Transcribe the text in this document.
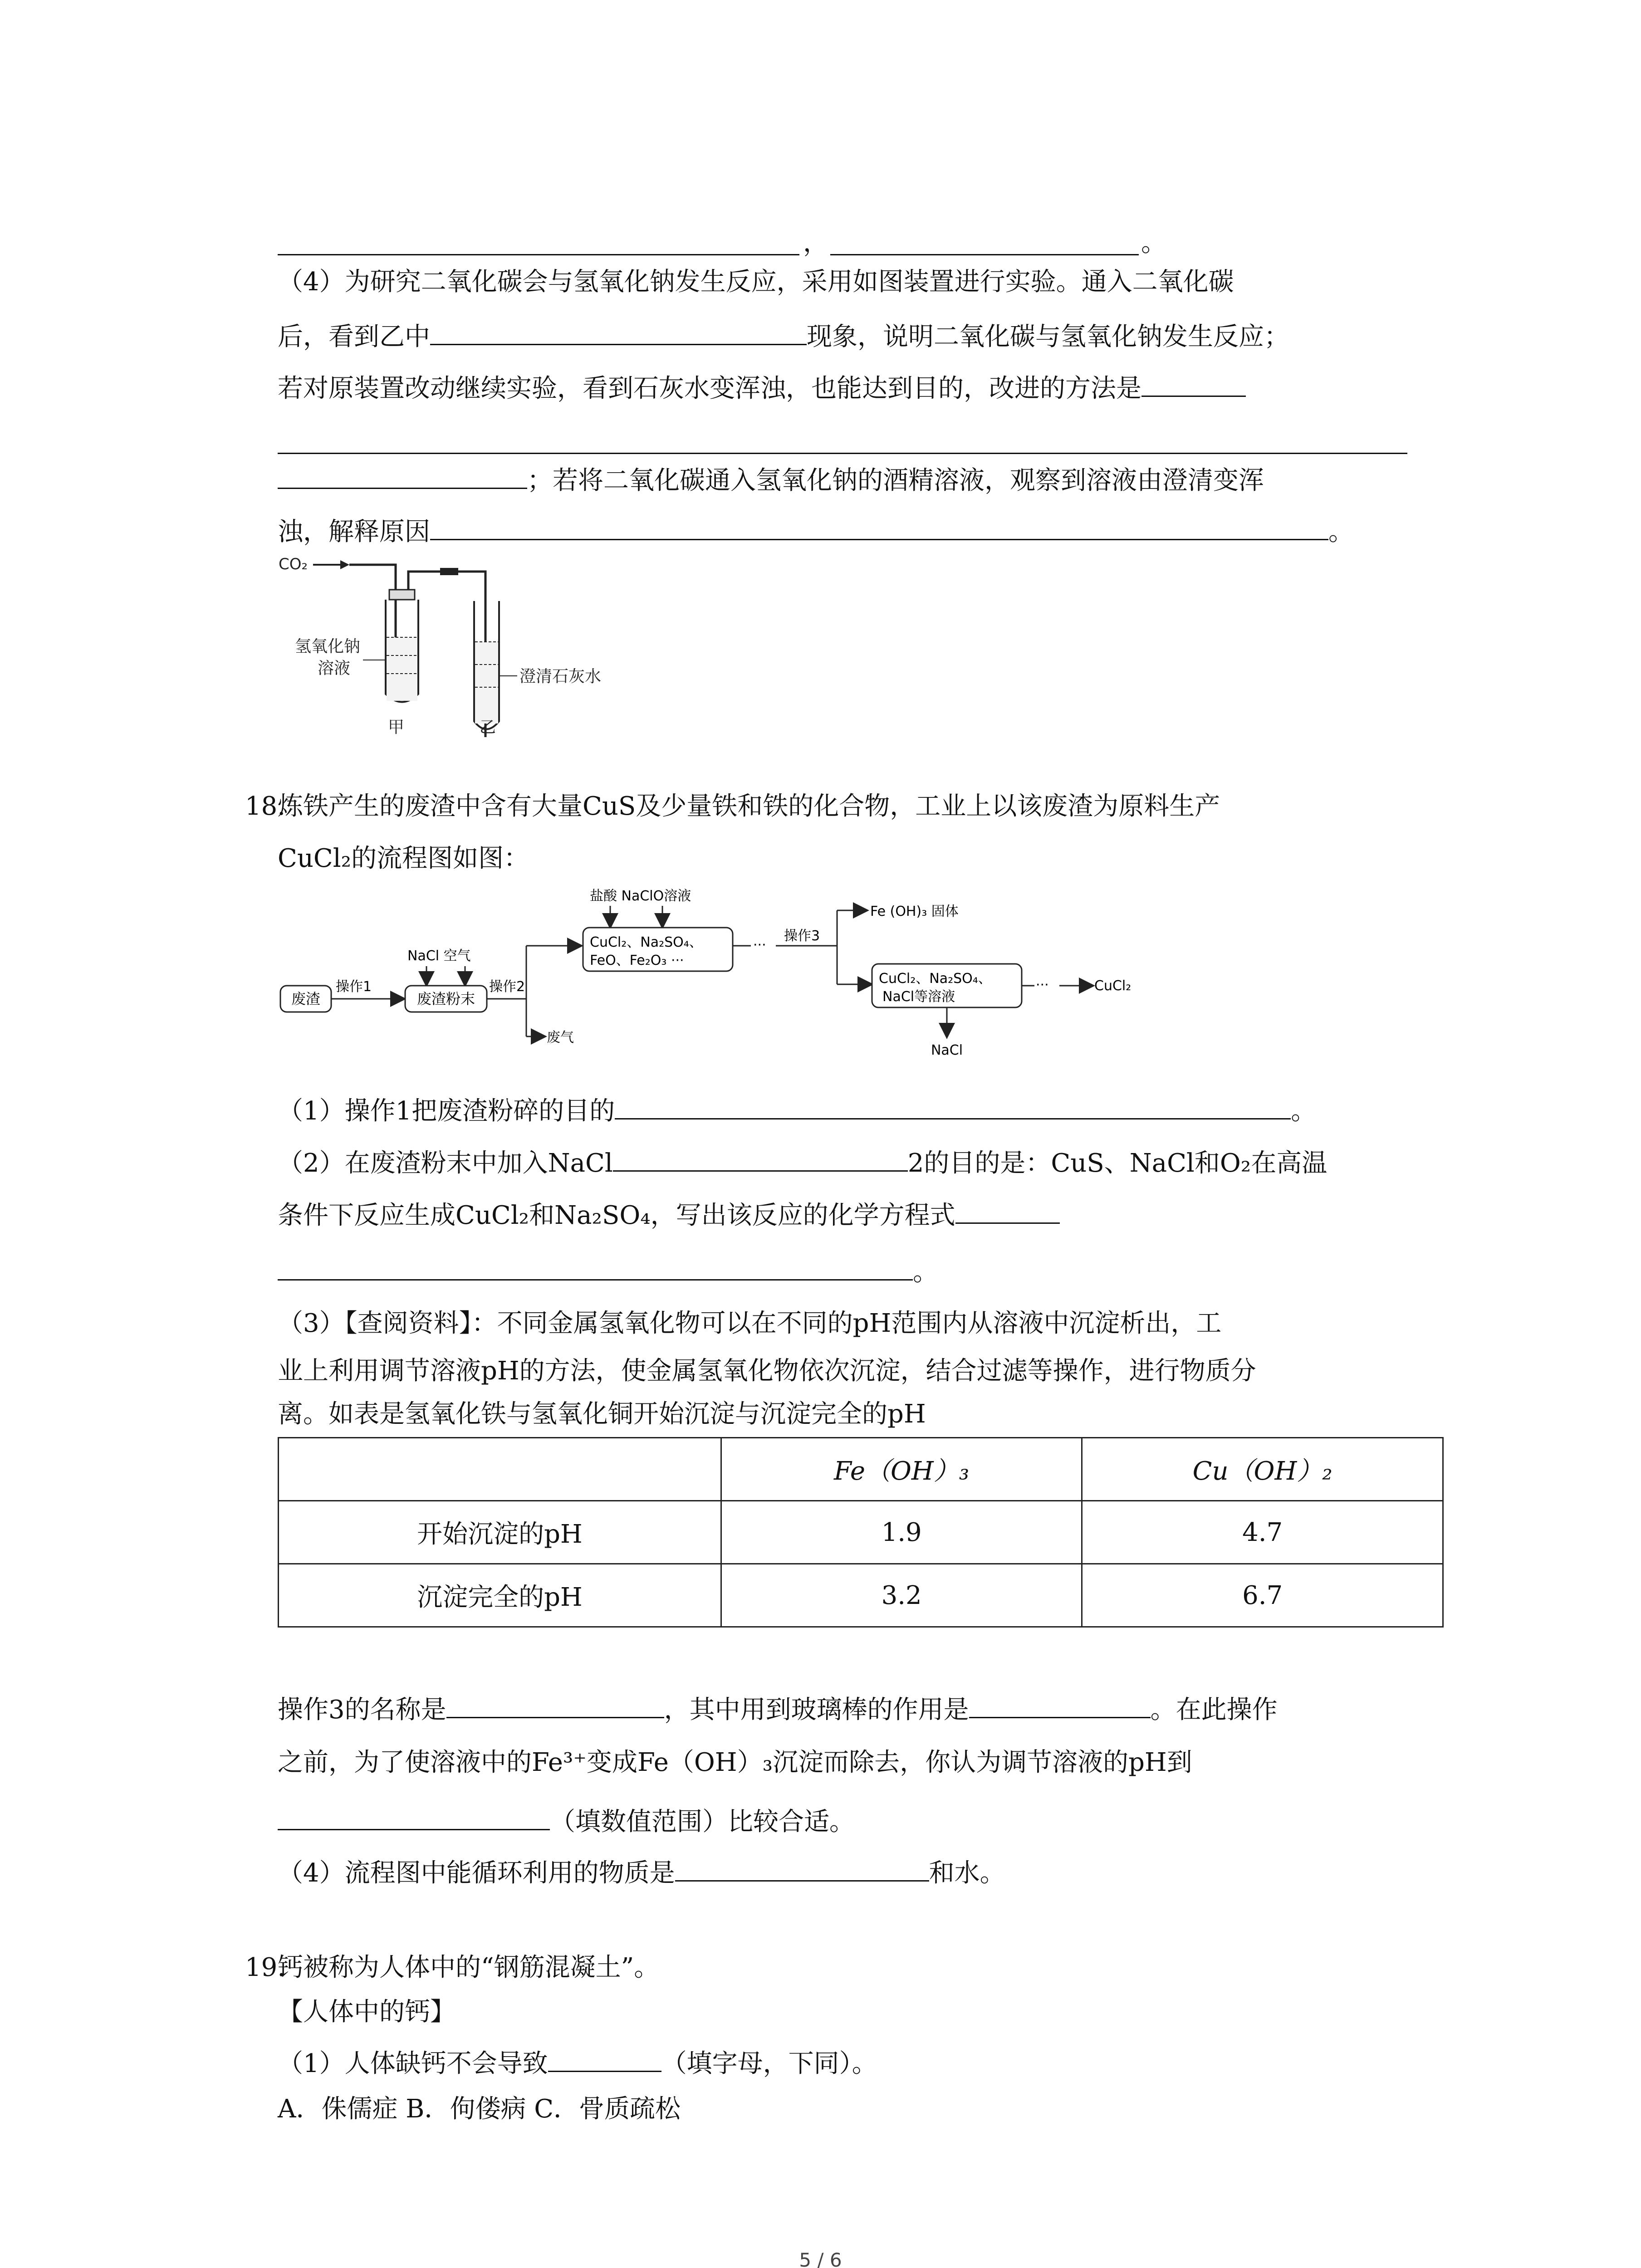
，	。
（4）为研究二氧化碳会与氢氧化钠发生反应，采用如图装置进行实验。通入二氧化碳
后，看到乙中	现象，说明二氧化碳与氢氧化钠发生反应；
若对原装置改动继续实验，看到石灰水变浑浊，也能达到目的，改进的方法是
；若将二氧化碳通入氢氧化钠的酒精溶液，观察到溶液由澄清变浑
浊，解释原因	。
CO₂
氢氧化钠
溶液	澄清石灰水
甲	乙
18.
炼铁产生的废渣中含有大量CuS及少量铁和铁的化合物，工业上以该废渣为原料生产
CuCl₂的流程图如图：
废渣
操作1
NaCl 空气
废渣粉末
操作2
废气
盐酸 NaClO溶液
CuCl₂、Na₂SO₄、
FeO、Fe₂O₃ ···
···
操作3
Fe (OH)₃ 固体
CuCl₂、Na₂SO₄、
NaCl等溶液
NaCl
···	CuCl₂
（1）操作1把废渣粉碎的目的	。
（2）在废渣粉末中加入NaCl	2的目的是：CuS、NaCl和O₂在高温
条件下反应生成CuCl₂和Na₂SO₄，写出该反应的化学方程式
。
（3）【查阅资料】：不同金属氢氧化物可以在不同的pH范围内从溶液中沉淀析出，工
业上利用调节溶液pH的方法，使金属氢氧化物依次沉淀，结合过滤等操作，进行物质分
离。如表是氢氧化铁与氢氧化铜开始沉淀与沉淀完全的pH
	Fe（OH）₃	Cu（OH）₂
开始沉淀的pH	1.9	4.7
沉淀完全的pH	3.2	6.7
操作3的名称是	，其中用到玻璃棒的作用是	。在此操作
之前，为了使溶液中的Fe³⁺变成Fe（OH）₃沉淀而除去，你认为调节溶液的pH到
（填数值范围）比较合适。
（4）流程图中能循环利用的物质是	和水。
19.
钙被称为人体中的“钢筋混凝土”。
【人体中的钙】
（1）人体缺钙不会导致	（填字母，下同）。
A．侏儒症 B．佝偻病 C．骨质疏松
5 / 6
